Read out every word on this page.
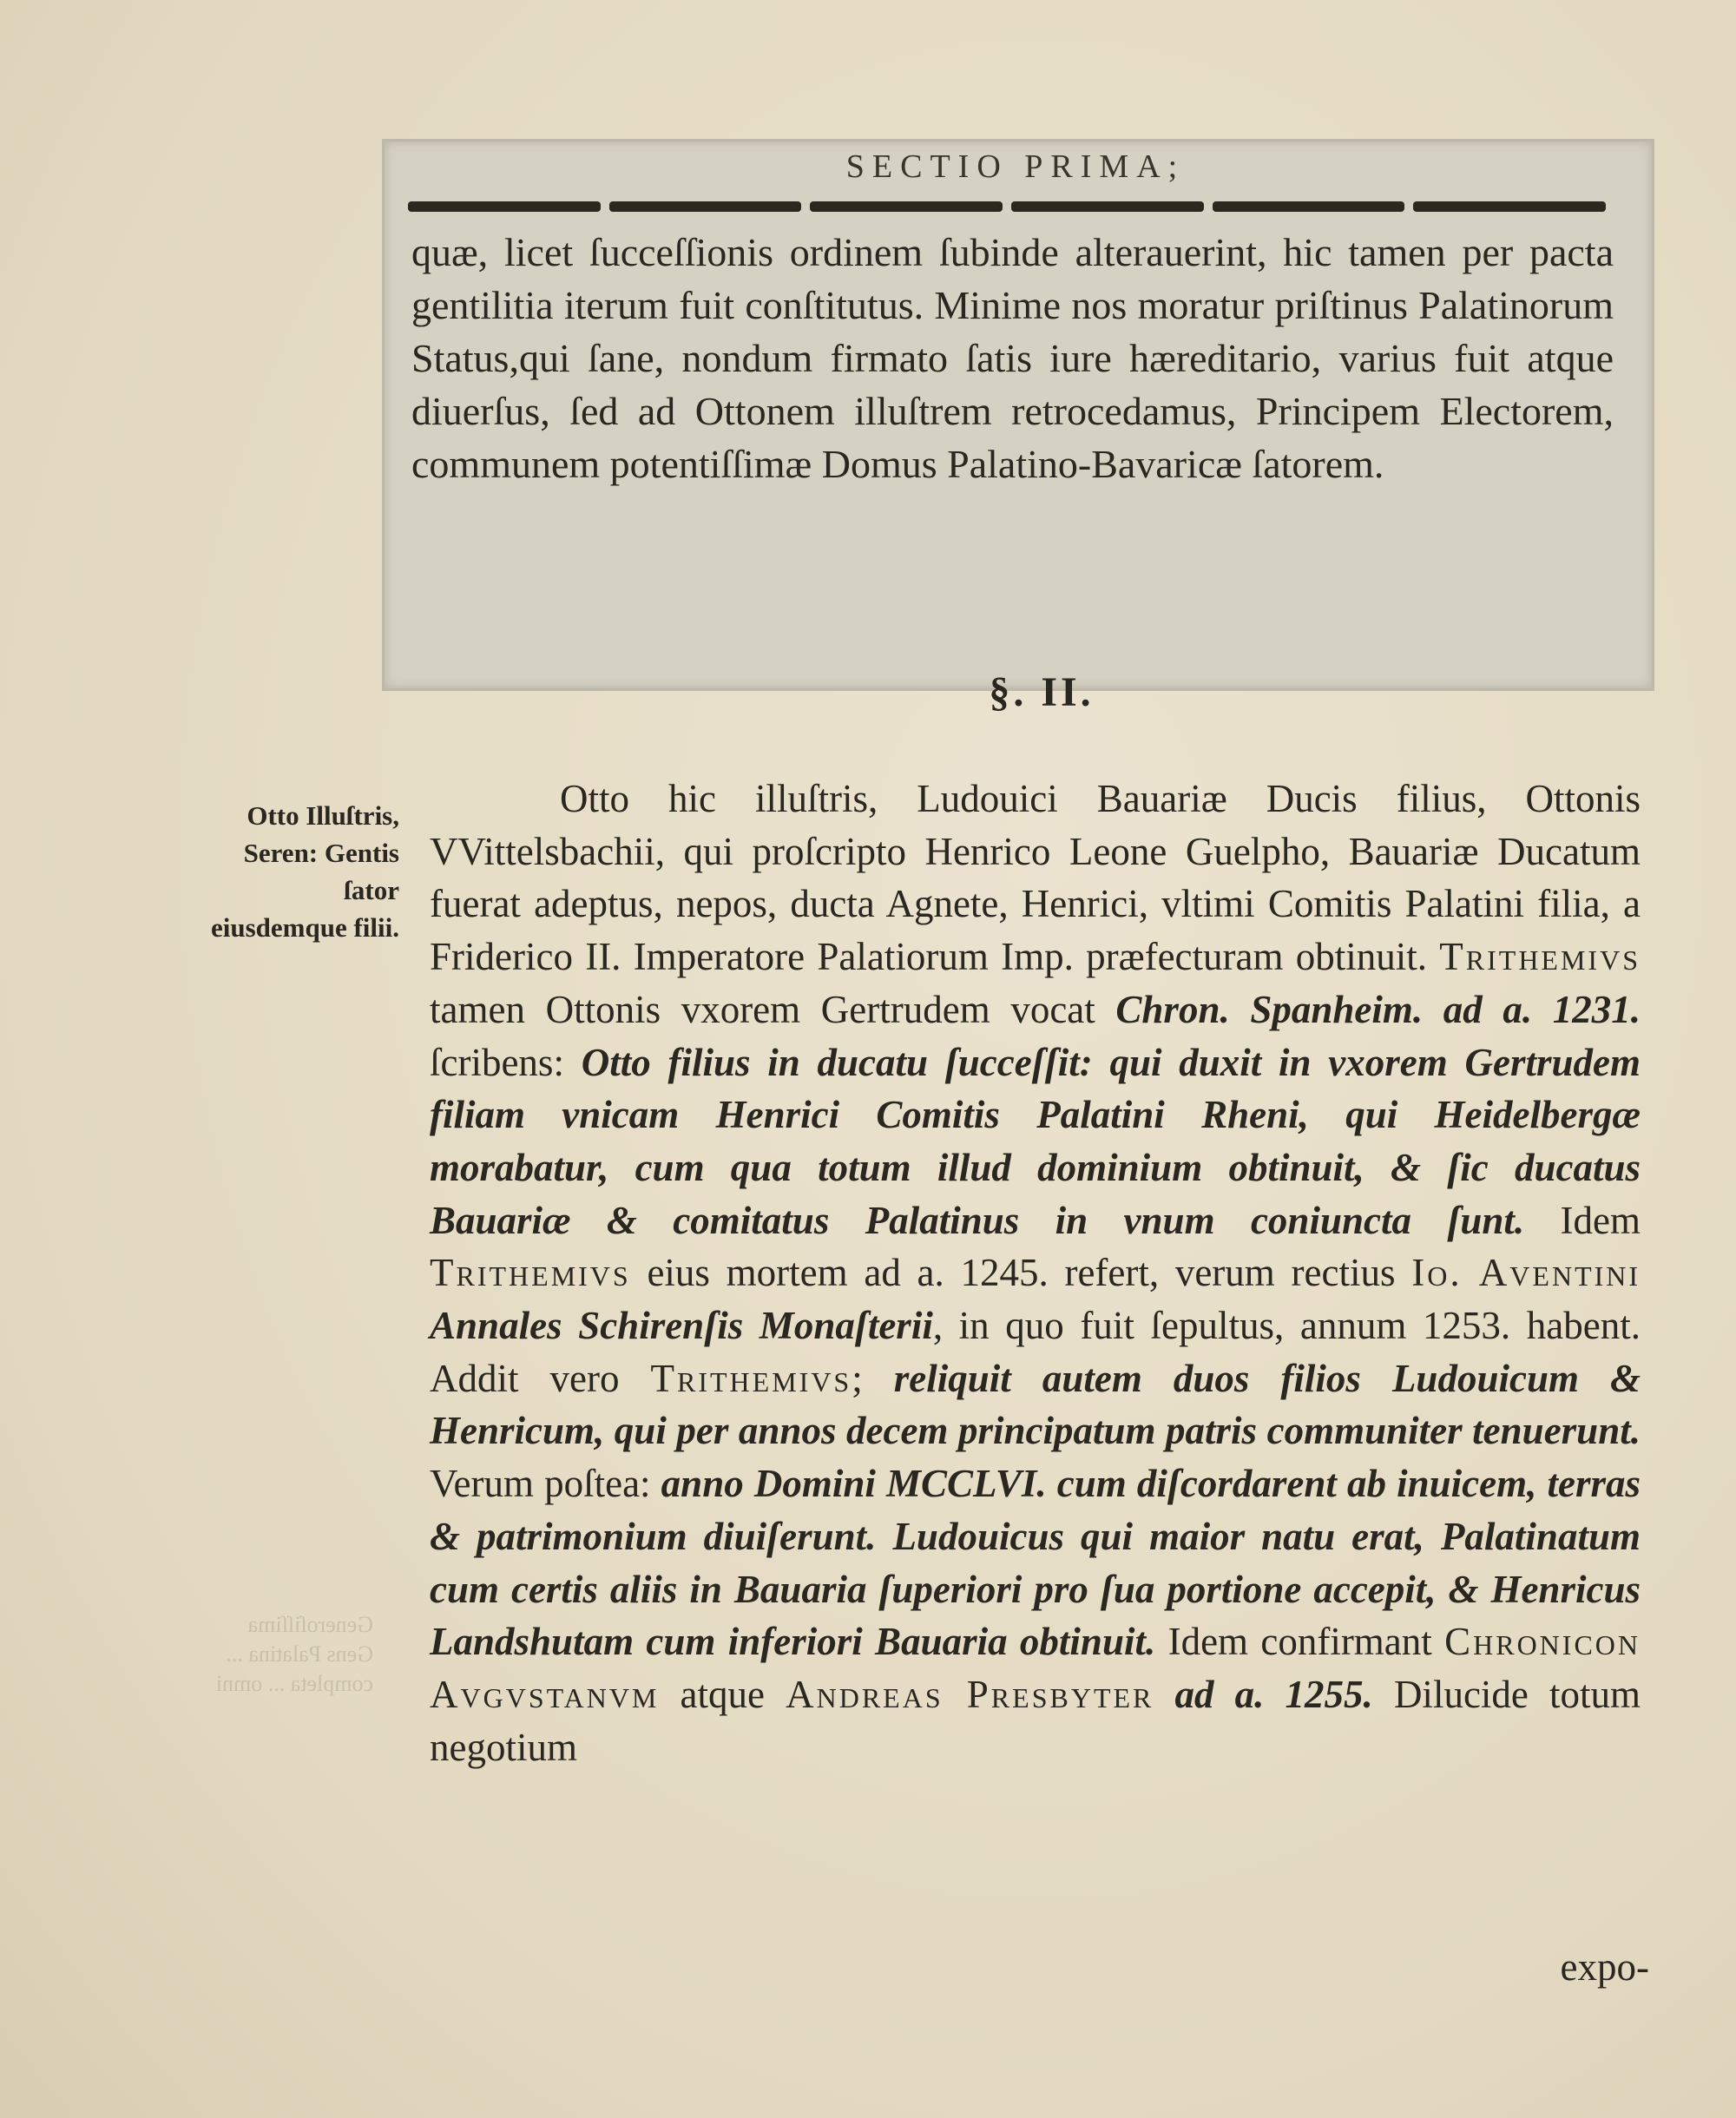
SECTIO PRIMA;

quæ, licet ſucceſſionis ordinem ſubinde alterauerint, hic tamen per pacta gentilitia iterum fuit conſtitutus. Minime nos moratur priſtinus Palatinorum Status,qui ſane, nondum firmato ſatis iure hæreditario, varius fuit atque diuerſus, ſed ad Ottonem illuſtrem retrocedamus, Principem Electorem, communem potentiſſimæ Domus Palatino-Bavaricæ ſatorem.

§. II.

Otto Illuſtris, Seren: Gentis ſator eiusdemque filii.

Generoſiſſima Gens Palatina ... completa ... omni

Otto hic illuſtris, Ludouici Bauariæ Ducis filius, Ottonis VVittelsbachii, qui proſcripto Henrico Leone Guelpho, Bauariæ Ducatum fuerat adeptus, nepos, ducta Agnete, Henrici, vltimi Comitis Palatini filia, a Friderico II. Imperatore Palatiorum Imp. præfecturam obtinuit. Trithemivs tamen Ottonis vxorem Gertrudem vocat Chron. Spanheim. ad a. 1231. ſcribens: Otto filius in ducatu ſucceſſit: qui duxit in vxorem Gertrudem filiam vnicam Henrici Comitis Palatini Rheni, qui Heidelbergæ morabatur, cum qua totum illud dominium obtinuit, & ſic ducatus Bauariæ & comitatus Palatinus in vnum coniuncta ſunt. Idem Trithemivs eius mortem ad a. 1245. refert, verum rectius Io. Aventini Annales Schirenſis Monaſterii, in quo fuit ſepultus, annum 1253. habent. Addit vero Trithemivs; reliquit autem duos filios Ludouicum & Henricum, qui per annos decem principatum patris communiter tenuerunt. Verum poſtea: anno Domini MCCLVI. cum diſcordarent ab inuicem, terras & patrimonium diuiſerunt. Ludouicus qui maior natu erat, Palatinatum cum certis aliis in Bauaria ſuperiori pro ſua portione accepit, & Henricus Landshutam cum inferiori Bauaria obtinuit. Idem confirmant Chronicon Avgvstanvm atque Andreas Presbyter ad a. 1255. Dilucide totum negotium

expo-
